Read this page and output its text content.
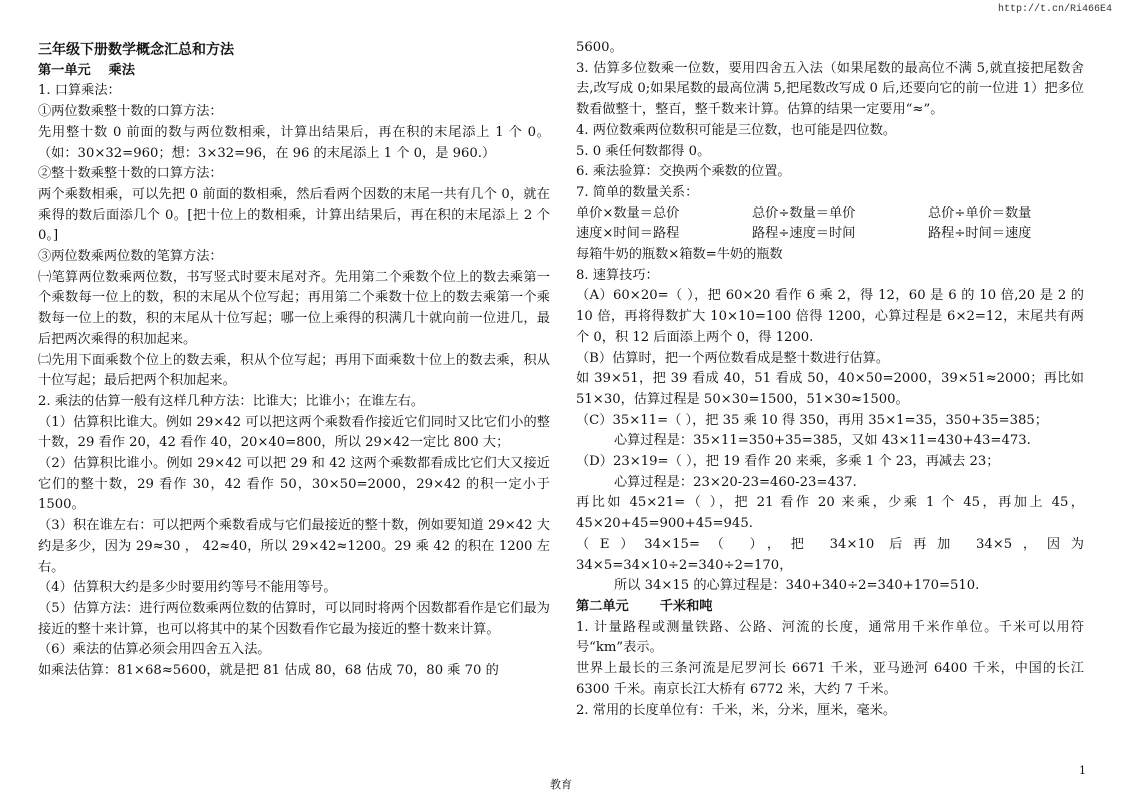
http://t.cn/Ri466E4

三年级下册数学概念汇总和方法

第一单元　 乘法

1. 口算乘法：

①两位数乘整十数的口算方法：

先用整十数 0 前面的数与两位数相乘，计算出结果后，再在积的末尾添上 1 个 0。（如：30×32=960；想：3×32=96，在 96 的末尾添上 1 个 0，是 960.）

②整十数乘整十数的口算方法：

两个乘数相乘，可以先把 0 前面的数相乘，然后看两个因数的末尾一共有几个 0，就在乘得的数后面添几个 0。[把十位上的数相乘，计算出结果后，再在积的末尾添上 2 个 0。]

③两位数乘两位数的笔算方法：

㈠笔算两位数乘两位数，书写竖式时要末尾对齐。先用第二个乘数个位上的数去乘第一个乘数每一位上的数，积的末尾从个位写起；再用第二个乘数十位上的数去乘第一个乘数每一位上的数，积的末尾从十位写起；哪一位上乘得的积满几十就向前一位进几，最后把两次乘得的积加起来。

㈡先用下面乘数个位上的数去乘，积从个位写起；再用下面乘数十位上的数去乘，积从十位写起；最后把两个积加起来。

2. 乘法的估算一般有这样几种方法：比谁大；比谁小；在谁左右。

（1）估算积比谁大。例如 29×42 可以把这两个乘数看作接近它们同时又比它们小的整十数，29 看作 20，42 看作 40，20×40=800，所以 29×42一定比 800 大；

（2）估算积比谁小。例如 29×42 可以把 29 和 42 这两个乘数都看成比它们大又接近它们的整十数，29 看作 30，42 看作 50，30×50=2000，29×42 的积一定小于 1500。

（3）积在谁左右：可以把两个乘数看成与它们最接近的整十数，例如要知道 29×42 大约是多少，因为 29≈30 ， 42≈40，所以 29×42≈1200。29 乘 42 的积在 1200 左右。

（4）估算积大约是多少时要用约等号不能用等号。

（5）估算方法：进行两位数乘两位数的估算时，可以同时将两个因数都看作是它们最为接近的整十来计算，也可以将其中的某个因数看作它最为接近的整十数来计算。

（6）乘法的估算必须会用四舍五入法。

如乘法估算：81×68≈5600，就是把 81 估成 80，68 估成 70，80 乘 70 的

5600。

3. 估算多位数乘一位数，要用四舍五入法（如果尾数的最高位不满 5,就直接把尾数舍去,改写成 0;如果尾数的最高位满 5,把尾数改写成 0 后,还要向它的前一位进 1）把多位数看做整十，整百，整千数来计算。估算的结果一定要用“≈”。

4. 两位数乘两位数积可能是三位数，也可能是四位数。

5. 0 乘任何数都得 0。

6. 乘法验算：交换两个乘数的位置。

7. 简单的数量关系：

单价×数量＝总价	总价÷数量＝单价	总价÷单价＝数量

速度×时间＝路程	路程÷速度＝时间	路程÷时间＝速度

每箱牛奶的瓶数×箱数=牛奶的瓶数

8. 速算技巧：

（A）60×20=（ ），把 60×20 看作 6 乘 2，得 12，60 是 6 的 10 倍,20 是 2 的 10 倍，再将得数扩大 10×10=100 倍得 1200，心算过程是 6×2=12，末尾共有两个 0，积 12 后面添上两个 0，得 1200.

（B）估算时，把一个两位数看成是整十数进行估算。

如 39×51，把 39 看成 40，51 看成 50，40×50=2000，39×51≈2000；再比如 51×30，估算过程是 50×30=1500，51×30≈1500。

（C）35×11=（ ），把 35 乘 10 得 350，再用 35×1=35，350+35=385；

心算过程是：35×11=350+35=385，又如 43×11=430+43=473.

（D）23×19=（ ），把 19 看作 20 来乘，多乘 1 个 23，再减去 23；

心算过程是：23×20-23=460-23=437.

再比如 45×21=（ ），把 21 看作 20 来乘，少乘 1 个 45，再加上 45，45×20+45=900+45=945.

（E）34×15=（ ），把 34×10 后再加 34×5，因为 34×5=34×10÷2=340÷2=170，

所以 34×15 的心算过程是：340+340÷2=340+170=510.

第二单元　　 千米和吨

1. 计量路程或测量铁路、公路、河流的长度，通常用千米作单位。千米可以用符号“km”表示。

世界上最长的三条河流是尼罗河长 6671 千米，亚马逊河 6400 千米，中国的长江 6300 千米。南京长江大桥有 6772 米，大约 7 千米。

2. 常用的长度单位有：千米，米，分米，厘米，毫米。

1
教育
